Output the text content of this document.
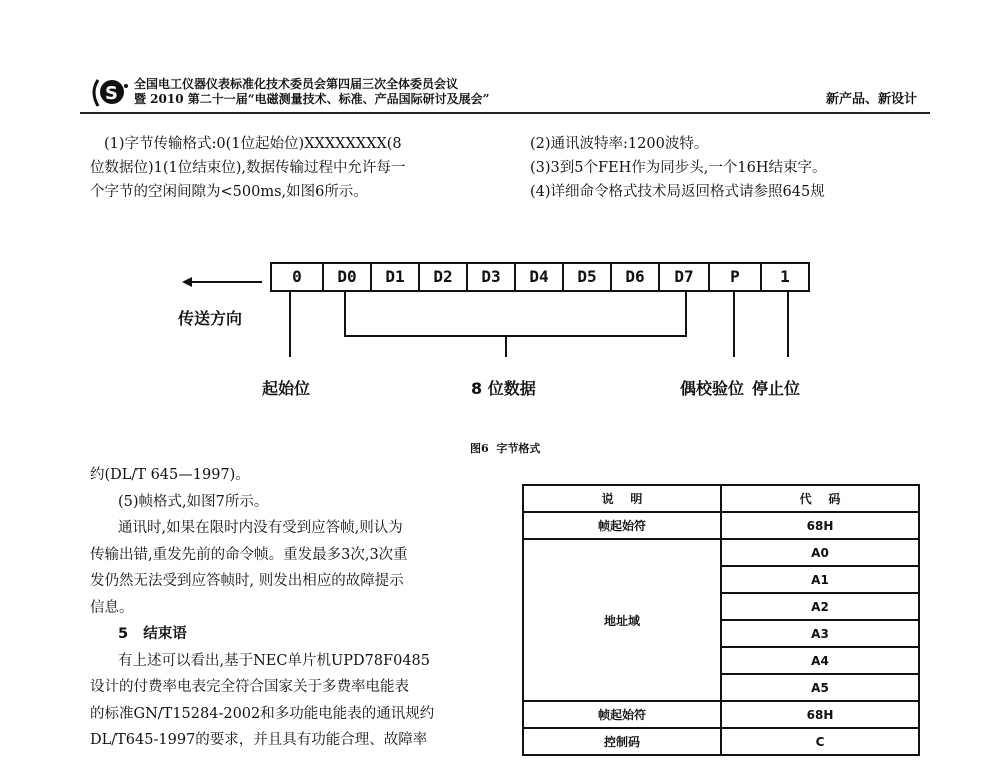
S 全国电工仪器仪表标准化技术委员会第四届三次全体委员会议
暨 2010 第二十一届“电磁测量技术、标准、产品国际研讨及展会”	新产品、新设计
(1)字节传输格式:0(1位起始位)XXXXXXXX(8
位数据位)1(1位结束位),数据传输过程中允许每一
个字节的空闲间隙为<500ms,如图6所示。
(2)通讯波特率:1200波特。
(3)3到5个FEH作为同步头,一个16H结束字。
(4)详细命令格式技术局返回格式请参照645规
0	D0	D1	D2	D3	D4	D5	D6	D7	P	1
传送方向
起始位	8 位数据	偶校验位 停止位
图6  字节格式
约(DL/T 645—1997)。
(5)帧格式,如图7所示。
通讯时,如果在限时内没有受到应答帧,则认为
传输出错,重发先前的命令帧。重发最多3次,3次重
发仍然无法受到应答帧时, 则发出相应的故障提示
信息。
5   结束语
有上述可以看出,基于NEC单片机UPD78F0485
设计的付费率电表完全符合国家关于多费率电能表
的标准GN/T15284-2002和多功能电能表的通讯规约
DL/T645-1997的要求，并且具有功能合理、故障率
说    明	代    码
帧起始符	68H
地址域	A0
	A1
	A2
	A3
	A4
	A5
帧起始符	68H
控制码	C
